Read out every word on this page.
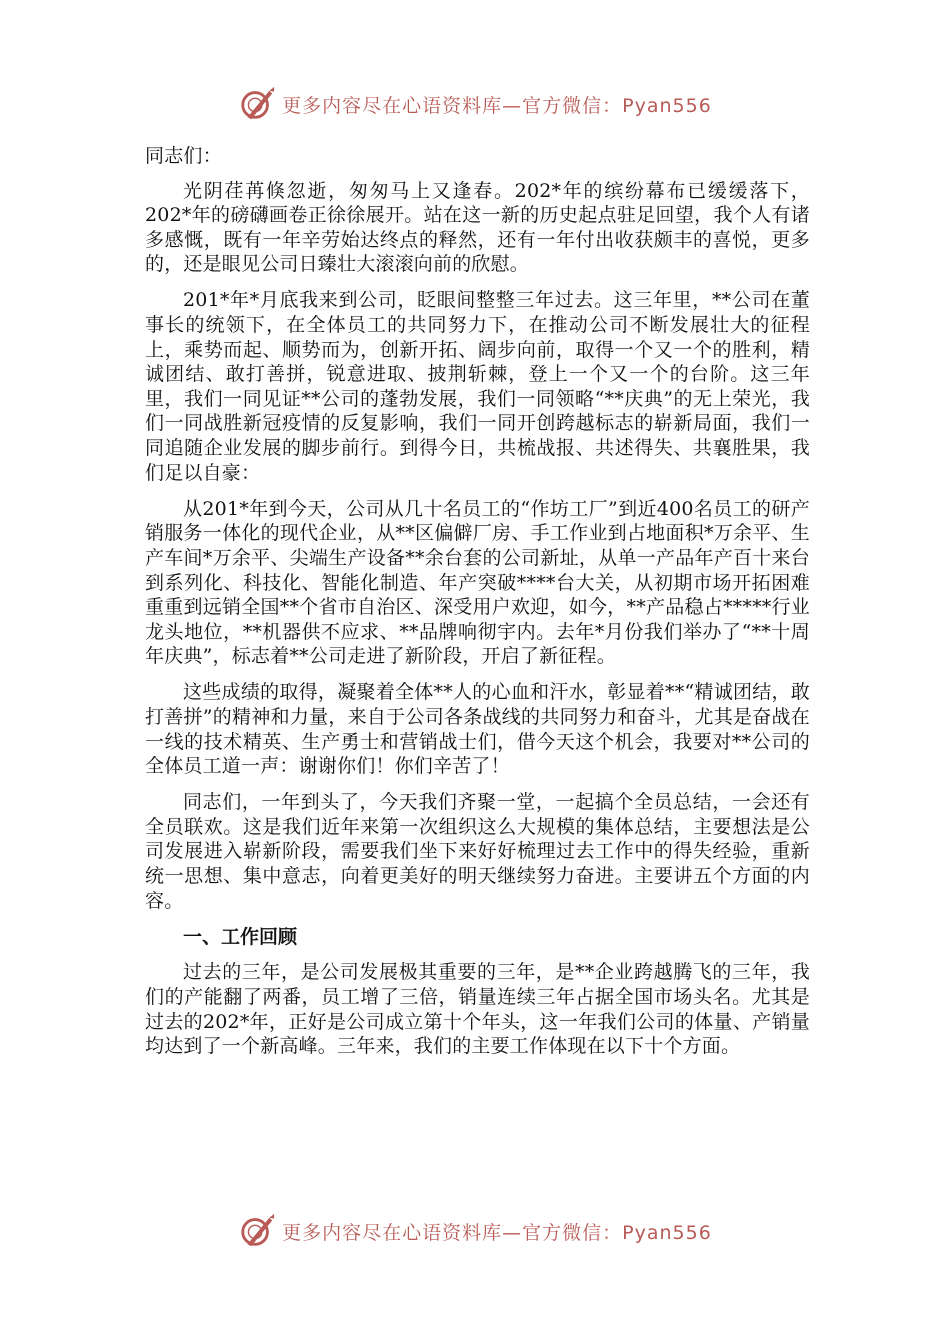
更多内容尽在心语资料库—官方微信：Pyan556

同志们：

光阴荏苒倏忽逝，匆匆马上又逢春。202*年的缤纷幕布已缓缓落下，202*年的磅礴画卷正徐徐展开。站在这一新的历史起点驻足回望，我个人有诸多感慨，既有一年辛劳始达终点的释然，还有一年付出收获颇丰的喜悦，更多的，还是眼见公司日臻壮大滚滚向前的欣慰。

201*年*月底我来到公司，眨眼间整整三年过去。这三年里，**公司在董事长的统领下，在全体员工的共同努力下，在推动公司不断发展壮大的征程上，乘势而起、顺势而为，创新开拓、阔步向前，取得一个又一个的胜利，精诚团结、敢打善拼，锐意进取、披荆斩棘，登上一个又一个的台阶。这三年里，我们一同见证**公司的蓬勃发展，我们一同领略“**庆典”的无上荣光，我们一同战胜新冠疫情的反复影响，我们一同开创跨越标志的崭新局面，我们一同追随企业发展的脚步前行。到得今日，共梳战报、共述得失、共襄胜果，我们足以自豪：

从201*年到今天，公司从几十名员工的“作坊工厂”到近400名员工的研产销服务一体化的现代企业，从**区偏僻厂房、手工作业到占地面积*万余平、生产车间*万余平、尖端生产设备**余台套的公司新址，从单一产品年产百十来台到系列化、科技化、智能化制造、年产突破****台大关，从初期市场开拓困难重重到远销全国**个省市自治区、深受用户欢迎，如今，**产品稳占*****行业龙头地位，**机器供不应求、**品牌响彻宇内。去年*月份我们举办了“**十周年庆典”，标志着**公司走进了新阶段，开启了新征程。

这些成绩的取得，凝聚着全体**人的心血和汗水，彰显着**“精诚团结，敢打善拼”的精神和力量，来自于公司各条战线的共同努力和奋斗，尤其是奋战在一线的技术精英、生产勇士和营销战士们，借今天这个机会，我要对**公司的全体员工道一声：谢谢你们！你们辛苦了！

同志们，一年到头了，今天我们齐聚一堂，一起搞个全员总结，一会还有全员联欢。这是我们近年来第一次组织这么大规模的集体总结，主要想法是公司发展进入崭新阶段，需要我们坐下来好好梳理过去工作中的得失经验，重新统一思想、集中意志，向着更美好的明天继续努力奋进。主要讲五个方面的内容。

一、工作回顾

过去的三年，是公司发展极其重要的三年，是**企业跨越腾飞的三年，我们的产能翻了两番，员工增了三倍，销量连续三年占据全国市场头名。尤其是过去的202*年，正好是公司成立第十个年头，这一年我们公司的体量、产销量均达到了一个新高峰。三年来，我们的主要工作体现在以下十个方面。

更多内容尽在心语资料库—官方微信：Pyan556
